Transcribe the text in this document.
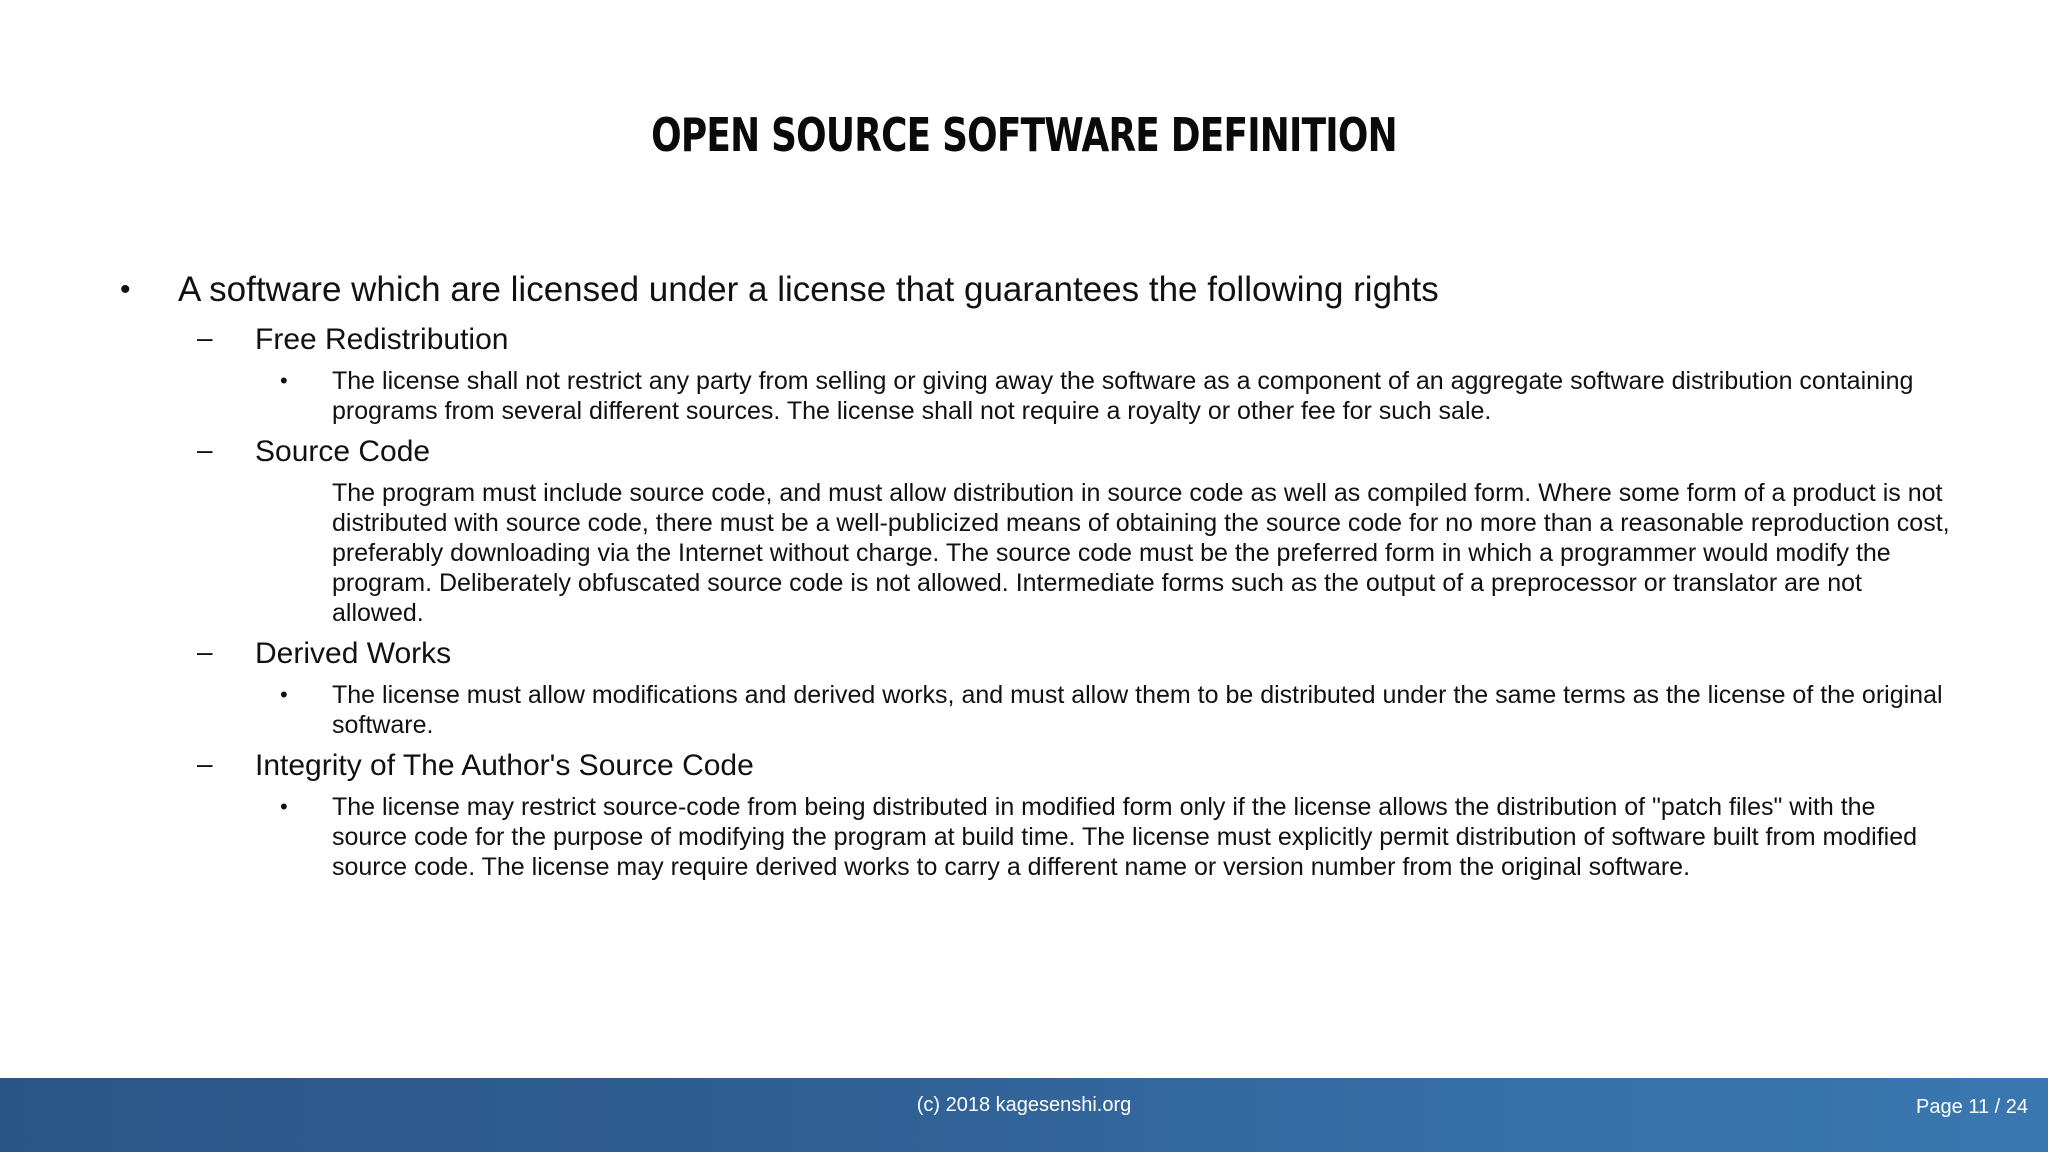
OPEN SOURCE SOFTWARE DEFINITION
• A software which are licensed under a license that guarantees the following rights
– Free Redistribution
• The license shall not restrict any party from selling or giving away the software as a component of an aggregate software distribution containing programs from several different sources. The license shall not require a royalty or other fee for such sale.
– Source Code
The program must include source code, and must allow distribution in source code as well as compiled form. Where some form of a product is not distributed with source code, there must be a well-publicized means of obtaining the source code for no more than a reasonable reproduction cost, preferably downloading via the Internet without charge. The source code must be the preferred form in which a programmer would modify the program. Deliberately obfuscated source code is not allowed. Intermediate forms such as the output of a preprocessor or translator are not allowed.
– Derived Works
• The license must allow modifications and derived works, and must allow them to be distributed under the same terms as the license of the original software.
– Integrity of The Author's Source Code
• The license may restrict source-code from being distributed in modified form only if the license allows the distribution of "patch files" with the source code for the purpose of modifying the program at build time. The license must explicitly permit distribution of software built from modified source code. The license may require derived works to carry a different name or version number from the original software.
(c) 2018 kagesenshi.org	Page 11 / 24
